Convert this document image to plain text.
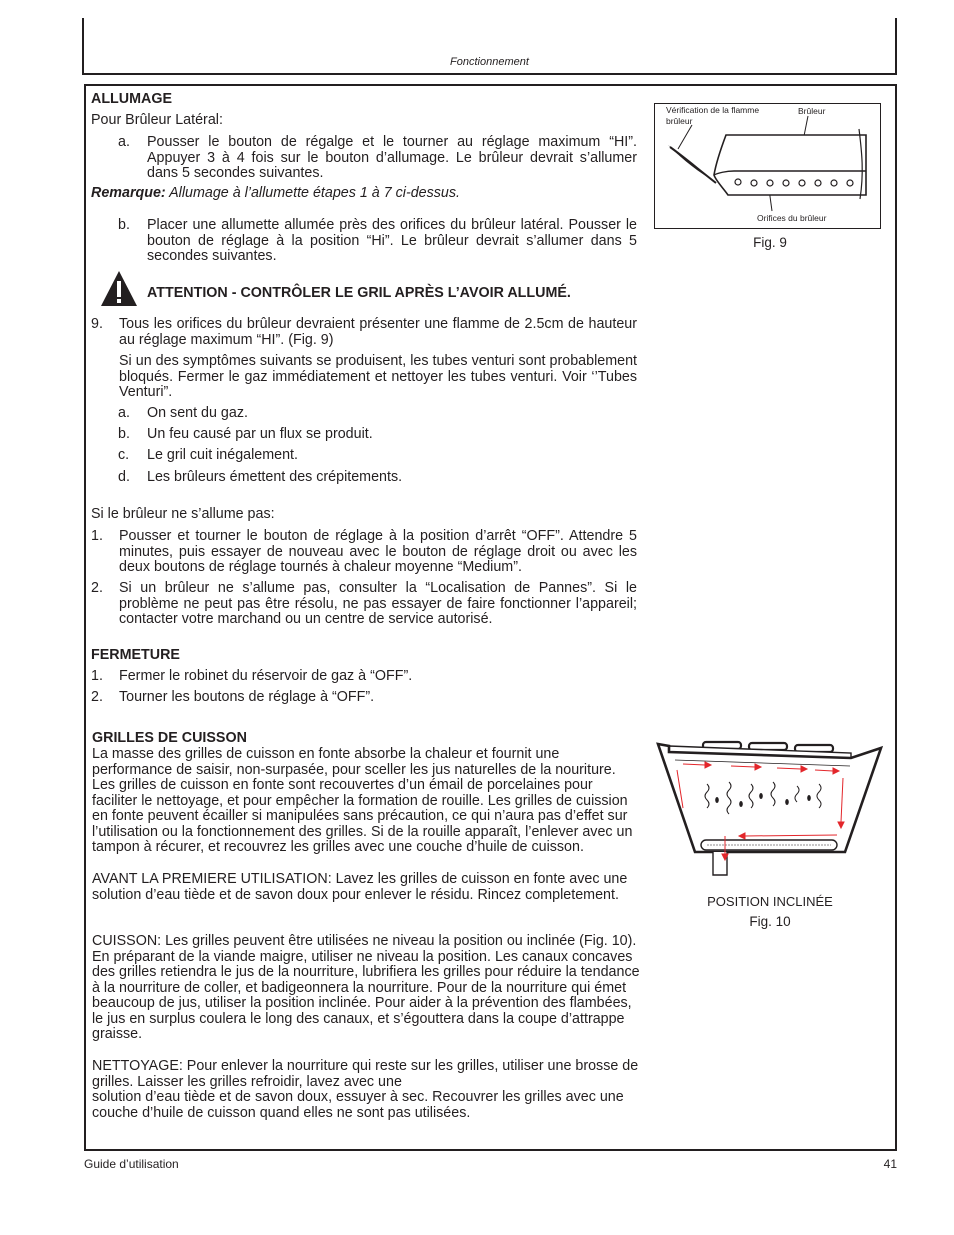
Fonctionnement
ALLUMAGE
Pour Brûleur Latéral:
a. Pousser le bouton de régalge et le tourner au réglage maximum “HI”. Appuyer 3 à 4 fois sur le bouton d’allumage. Le brûleur devrait s’allumer dans 5 secondes suivantes.
Remarque: Allumage à l’allumette étapes 1 à 7 ci-dessus.
b. Placer une allumette allumée près des orifices du brûleur latéral. Pousser le bouton de réglage à la position “Hi”. Le brûleur devrait s’allumer dans 5 secondes suivantes.
ATTENTION - CONTRÔLER LE GRIL APRÈS L’AVOIR ALLUMÉ.
9. Tous les orifices du brûleur devraient présenter une flamme de 2.5cm de hauteur au réglage maximum “HI”. (Fig. 9)
Si un des symptômes suivants se produisent, les tubes venturi sont probablement bloqués. Fermer le gaz immédiatement et nettoyer les tubes venturi. Voir ‘’Tubes Venturi”.
a. On sent du gaz.
b. Un feu causé par un flux se produit.
c. Le gril cuit inégalement.
d. Les brûleurs émettent des crépitements.
Si le brûleur ne s’allume pas:
1. Pousser et tourner le bouton de réglage à la position d’arrêt “OFF”. Attendre 5 minutes, puis essayer de nouveau avec le bouton de réglage droit ou avec les deux boutons de réglage tournés à chaleur moyenne “Medium”.
2. Si un brûleur ne s’allume pas, consulter la “Localisation de Pannes”. Si le problème ne peut pas être résolu, ne pas essayer de faire fonctionner l’appareil; contacter votre marchand ou un centre de service autorisé.
FERMETURE
1. Fermer le robinet du réservoir de gaz à “OFF”.
2. Tourner les boutons de réglage à “OFF”.
GRILLES DE CUISSON
La masse des grilles de cuisson en fonte absorbe la chaleur et fournit une performance de saisir, non-surpasée, pour sceller les jus naturelles de la nouriture. Les grilles de cuisson en fonte sont recouvertes d’un émail de porcelaines pour faciliter le nettoyage, et pour empêcher la formation de rouille. Les grilles de cuission en fonte peuvent écailler si manipulées sans précaution, ce qui n’aura pas d’effet sur l’utilisation ou la fonctionnement des grilles. Si de la rouille apparaît, l’enlever avec un tampon à récurer, et recouvrez les grilles avec une couche d’huile de cuisson.
AVANT LA PREMIERE UTILISATION: Lavez les grilles de cuisson en fonte avec une solution d’eau tiède et de savon doux pour enlever le résidu. Rincez completement.
CUISSON: Les grilles peuvent être utilisées ne niveau la position ou inclinée (Fig. 10). En préparant de la viande maigre, utiliser ne niveau la position. Les canaux concaves des grilles retiendra le jus de la nourriture, lubrifiera les grilles pour réduire la tendance à la nourriture de coller, et badigeonnera la nourriture. Pour de la nourriture qui émet beaucoup de jus, utiliser la position inclinée. Pour aider à la prévention des flambées, le jus en surplus coulera le long des canaux, et s’égouttera dans la coupe d’attrappe graisse.
NETTOYAGE: Pour enlever la nourriture qui reste sur les grilles, utiliser une brosse de grilles. Laisser les grilles refroidir, lavez avec une
solution d’eau tiède et de savon doux, essuyer à sec. Recouvrer les grilles avec une couche d’huile de cuisson quand elles ne sont pas utilisées.
Vérification de la flamme
brûleur
Brûleur
Orifices du brûleur
Fig. 9
POSITION INCLINÉE
Fig. 10
Guide d’utilisation	41
